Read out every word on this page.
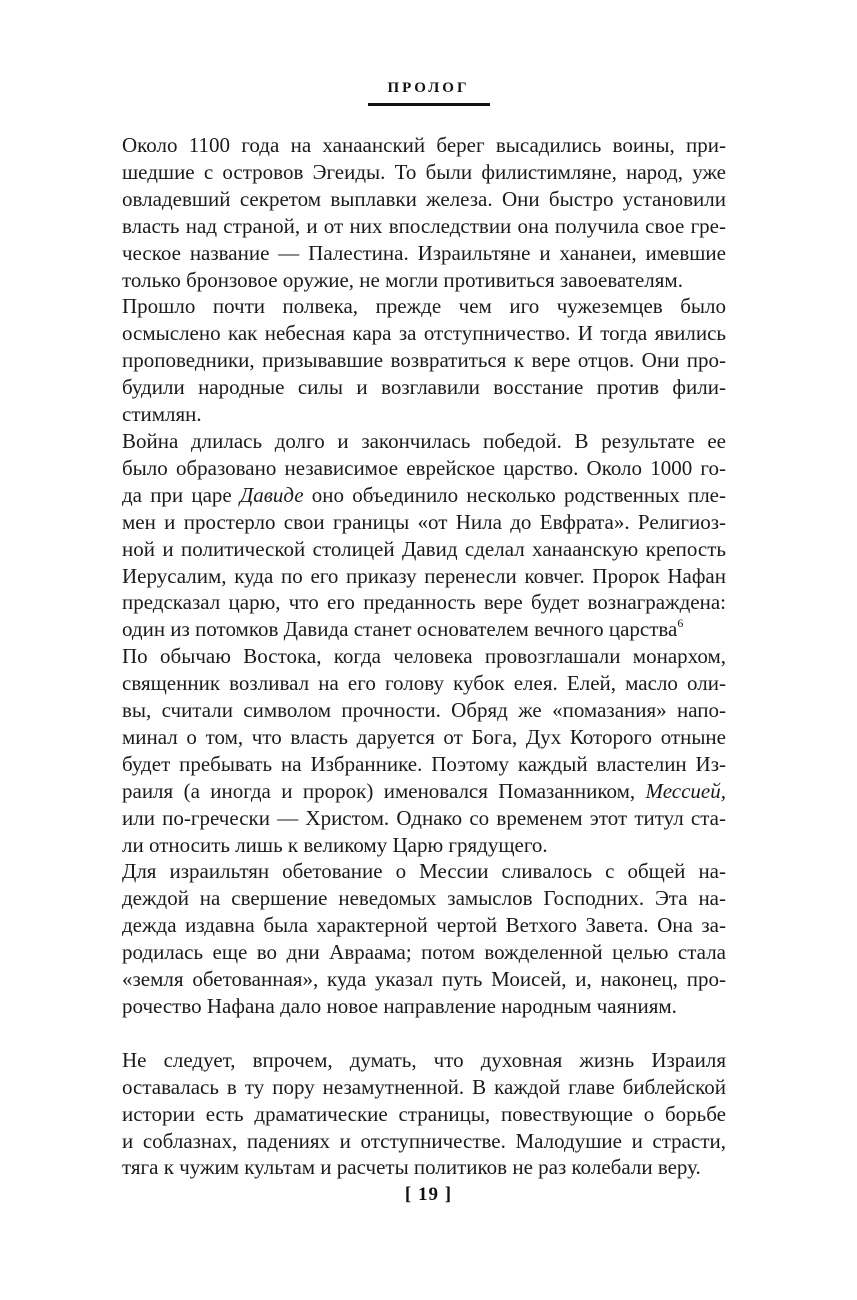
ПРОЛОГ
Около 1100 года на ханаанский берег высадились воины, при-
шедшие с островов Эгеиды. То были филистимляне, народ, уже
овладевший секретом выплавки железа. Они быстро установили
власть над страной, и от них впоследствии она получила свое гре-
ческое название — Палестина. Израильтяне и хананеи, имевшие
только бронзовое оружие, не могли противиться завоевателям.
Прошло почти полвека, прежде чем иго чужеземцев было
осмыслено как небесная кара за отступничество. И тогда явились
проповедники, призывавшие возвратиться к вере отцов. Они про-
будили народные силы и возглавили восстание против фили-
стимлян.
Война длилась долго и закончилась победой. В результате ее
было образовано независимое еврейское царство. Около 1000 го-
да при царе Давиде оно объединило несколько родственных пле-
мен и простерло свои границы «от Нила до Евфрата». Религиоз-
ной и политической столицей Давид сделал ханаанскую крепость
Иерусалим, куда по его приказу перенесли ковчег. Пророк Нафан
предсказал царю, что его преданность вере будет вознаграждена:
один из потомков Давида станет основателем вечного царства$^6$
По обычаю Востока, когда человека провозглашали монархом,
священник возливал на его голову кубок елея. Елей, масло оли-
вы, считали символом прочности. Обряд же «помазания» напо-
минал о том, что власть даруется от Бога, Дух Которого отныне
будет пребывать на Избраннике. Поэтому каждый властелин Из-
раиля (а иногда и пророк) именовался Помазанником, Мессией,
или по-гречески — Христом. Однако со временем этот титул ста-
ли относить лишь к великому Царю грядущего.
Для израильтян обетование о Мессии сливалось с общей на-
деждой на свершение неведомых замыслов Господних. Эта на-
дежда издавна была характерной чертой Ветхого Завета. Она за-
родилась еще во дни Авраама; потом вожделенной целью стала
«земля обетованная», куда указал путь Моисей, и, наконец, про-
рочество Нафана дало новое направление народным чаяниям.
Не следует, впрочем, думать, что духовная жизнь Израиля
оставалась в ту пору незамутненной. В каждой главе библейской
истории есть драматические страницы, повествующие о борьбе
и соблазнах, падениях и отступничестве. Малодушие и страсти,
тяга к чужим культам и расчеты политиков не раз колебали веру.
[ 19 ]
